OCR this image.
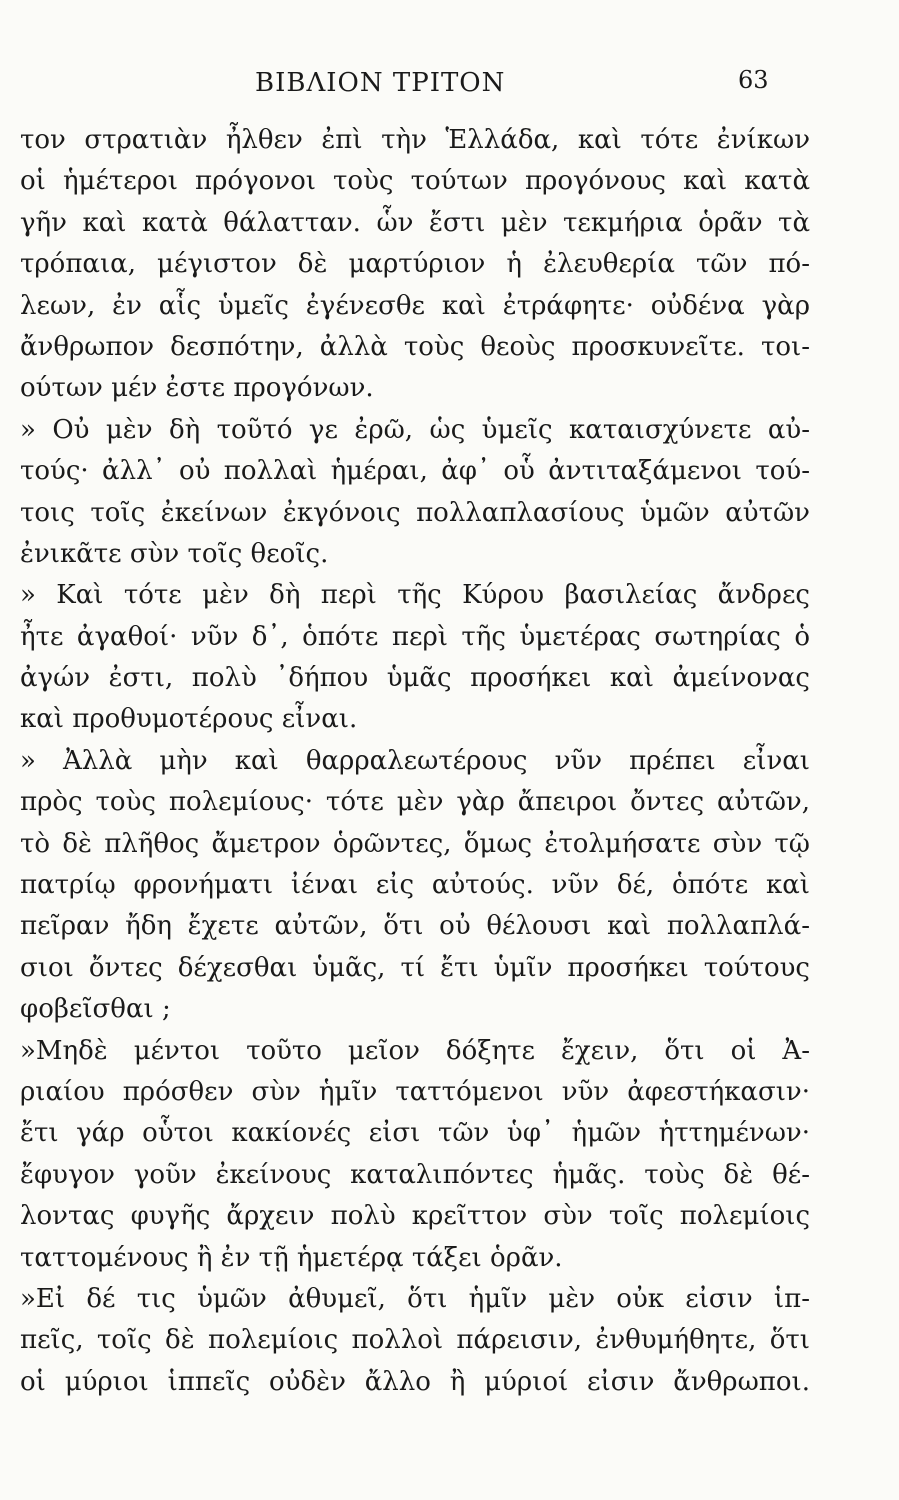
ΒΙΒΛΙΟΝ ΤΡΙΤΟΝ	63
τον στρατιὰν ἦλθεν ἐπὶ τὴν Ἑλλάδα, καὶ τότε ἐνίκων
οἱ ἡμέτεροι πρόγονοι τοὺς τούτων προγόνους καὶ κατὰ
γῆν καὶ κατὰ θάλατταν. ὧν ἔστι μὲν τεκμήρια ὁρᾶν τὰ
τρόπαια, μέγιστον δὲ μαρτύριον ἡ ἐλευθερία τῶν πό-
λεων, ἐν αἷς ὑμεῖς ἐγένεσθε καὶ ἐτράφητε· οὐδένα γὰρ
ἄνθρωπον δεσπότην, ἀλλὰ τοὺς θεοὺς προσκυνεῖτε. τοι-
ούτων μέν ἐστε προγόνων.
» Οὐ μὲν δὴ τοῦτό γε ἐρῶ, ὡς ὑμεῖς καταισχύνετε αὐ-
τούς· ἀλλ᾽ οὐ πολλαὶ ἡμέραι, ἀφ᾽ οὗ ἀντιταξάμενοι τού-
τοις τοῖς ἐκείνων ἐκγόνοις πολλαπλασίους ὑμῶν αὐτῶν
ἐνικᾶτε σὺν τοῖς θεοῖς.
» Καὶ τότε μὲν δὴ περὶ τῆς Κύρου βασιλείας ἄνδρες
ἦτε ἀγαθοί· νῦν δ᾽, ὁπότε περὶ τῆς ὑμετέρας σωτηρίας ὁ
ἀγών ἐστι, πολὺ ᾽δήπου ὑμᾶς προσήκει καὶ ἀμείνονας
καὶ προθυμοτέρους εἶναι.
» Ἀλλὰ μὴν καὶ θαρραλεωτέρους νῦν πρέπει εἶναι
πρὸς τοὺς πολεμίους· τότε μὲν γὰρ ἄπειροι ὄντες αὐτῶν,
τὸ δὲ πλῆθος ἄμετρον ὁρῶντες, ὅμως ἐτολμήσατε σὺν τῷ
πατρίῳ φρονήματι ἰέναι εἰς αὐτούς. νῦν δέ, ὁπότε καὶ
πεῖραν ἤδη ἔχετε αὐτῶν, ὅτι οὐ θέλουσι καὶ πολλαπλά-
σιοι ὄντες δέχεσθαι ὑμᾶς, τί ἔτι ὑμῖν προσήκει τούτους
φοβεῖσθαι ;
»Μηδὲ μέντοι τοῦτο μεῖον δόξητε ἔχειν, ὅτι οἱ Ἀ-
ριαίου πρόσθεν σὺν ἡμῖν ταττόμενοι νῦν ἀφεστήκασιν·
ἔτι γάρ οὗτοι κακίονές εἰσι τῶν ὑφ᾽ ἡμῶν ἡττημένων·
ἔφυγον γοῦν ἐκείνους καταλιπόντες ἡμᾶς. τοὺς δὲ θέ-
λοντας φυγῆς ἄρχειν πολὺ κρεῖττον σὺν τοῖς πολεμίοις
ταττομένους ἢ ἐν τῇ ἡμετέρᾳ τάξει ὁρᾶν.
»Εἰ δέ τις ὑμῶν ἀθυμεῖ, ὅτι ἡμῖν μὲν οὐκ εἰσιν ἱπ-
πεῖς, τοῖς δὲ πολεμίοις πολλοὶ πάρεισιν, ἐνθυμήθητε, ὅτι
οἱ μύριοι ἱππεῖς οὐδὲν ἄλλο ἢ μύριοί εἰσιν ἄνθρωποι.
